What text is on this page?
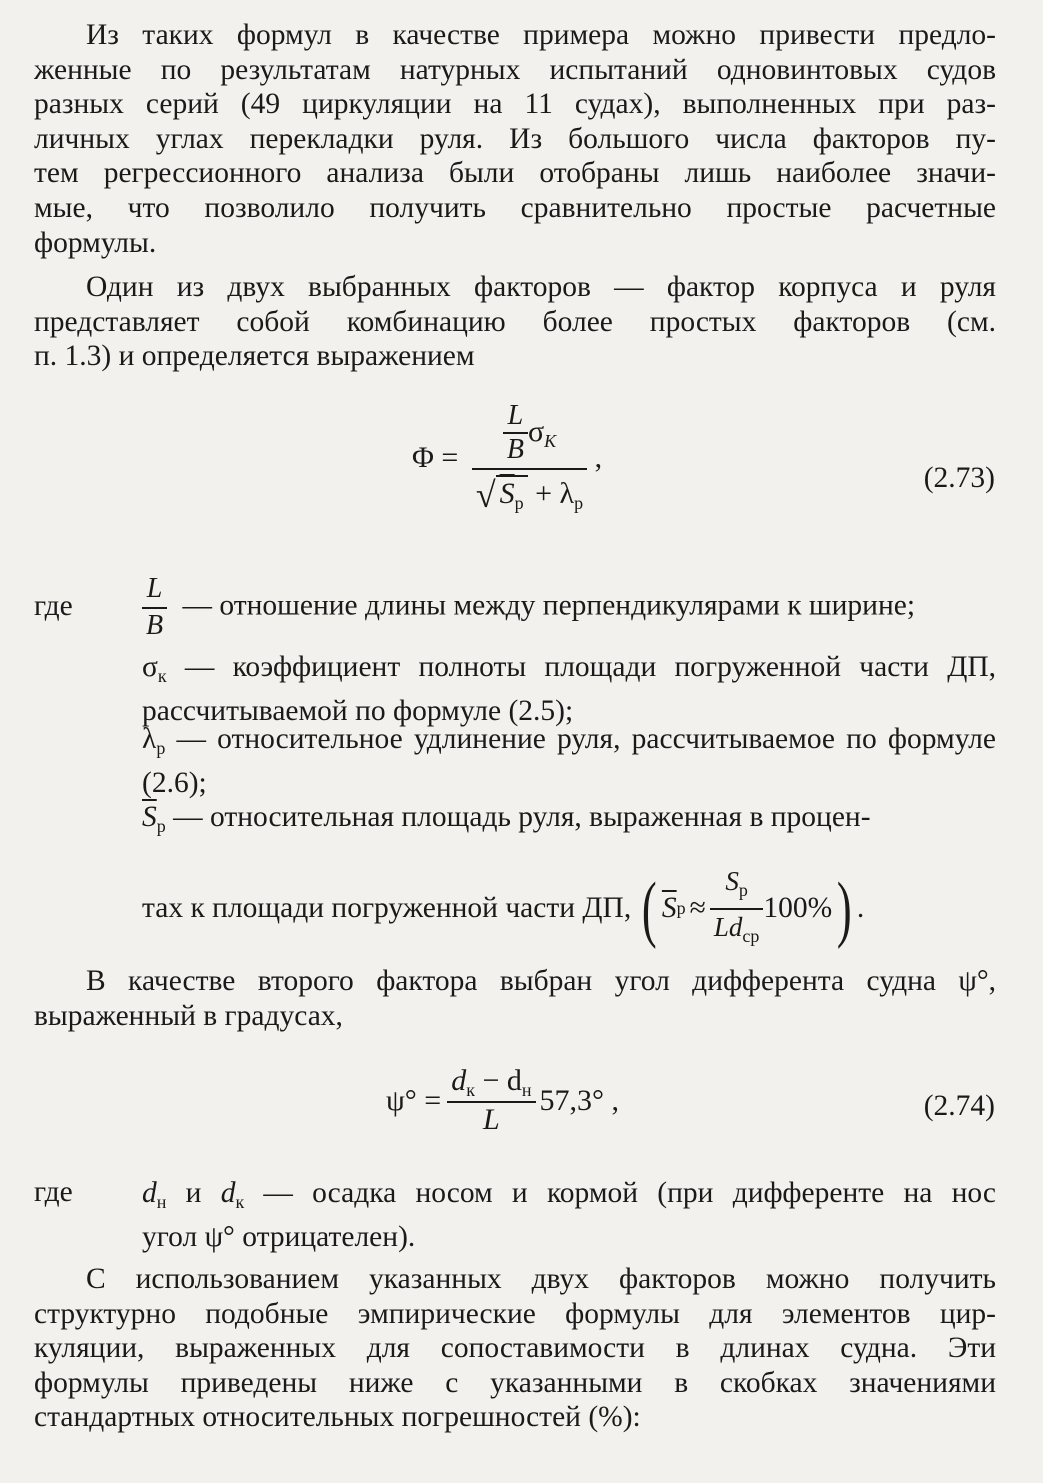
Из таких формул в качестве примера можно привести предло-
женные по результатам натурных испытаний одновинтовых судов
разных серий (49 циркуляции на 11 судах), выполненных при раз-
личных углах перекладки руля. Из большого числа факторов пу-
тем регрессионного анализа были отобраны лишь наиболее значи-
мые, что позволило получить сравнительно простые расчетные
формулы.
Один из двух выбранных факторов — фактор корпуса и руля
представляет собой комбинацию более простых факторов (см.
п. 1.3) и определяется выражением
$\Phi = \frac{\frac{L}{B} \sigma_K}{√ S_р + \lambda_р}$ ,
(2.73)
где $\frac{L}{B}$ — отношение длины между перпендикулярами к ширине;
$\sigma_к$ — коэффициент полноты площади погруженной части ДП, рассчитываемой по формуле (2.5);
$\lambda_р$ — относительное удлинение руля, рассчитываемое по формуле (2.6);
$\overline{S}_р$ — относительная площадь руля, выраженная в процен-
тах к площади погруженной части ДП, ( $\overline{S}$ $р \approx \frac{S_р}{Ld_{ср}} 100\%$ ) .
В качестве второго фактора выбран угол дифферента судна ψ°,
выраженный в градусах,
$\psi^\circ = \frac{d_к - d_н}{L} 57,3^\circ$ ,	(2.74)
где $d_н$ и $d_к$ — осадка носом и кормой (при дифференте на нос
угол ψ° отрицателен).
С использованием указанных двух факторов можно получить
структурно подобные эмпирические формулы для элементов цир-
куляции, выраженных для сопоставимости в длинах судна. Эти
формулы приведены ниже с указанными в скобках значениями
стандартных относительных погрешностей (%):
